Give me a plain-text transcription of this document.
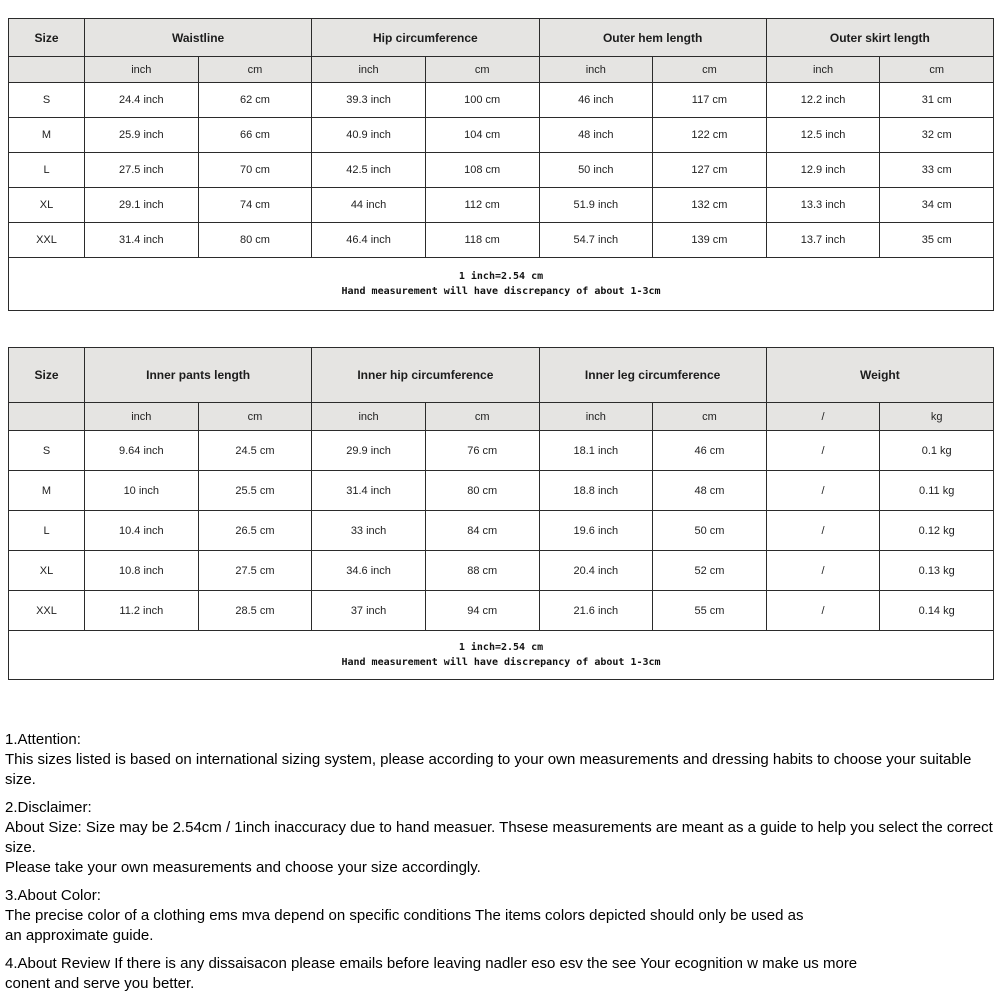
Size	Waistline		Hip circumference		Outer hem length		Outer skirt length	
	inch	cm	inch	cm	inch	cm	inch	cm
S	24.4 inch	62 cm	39.3 inch	100 cm	46 inch	117 cm	12.2 inch	31 cm
M	25.9 inch	66 cm	40.9 inch	104 cm	48 inch	122 cm	12.5 inch	32 cm
L	27.5 inch	70 cm	42.5 inch	108 cm	50 inch	127 cm	12.9 inch	33 cm
XL	29.1 inch	74 cm	44 inch	112 cm	51.9 inch	132 cm	13.3 inch	34 cm
XXL	31.4 inch	80 cm	46.4 inch	118 cm	54.7 inch	139 cm	13.7 inch	35 cm

1 inch=2.54 cm
Hand measurement will have discrepancy of about 1-3cm								
Size	Inner pants length		Inner hip circumference		Inner leg circumference		Weight	
	inch	cm	inch	cm	inch	cm	/	kg
S	9.64 inch	24.5 cm	29.9 inch	76 cm	18.1 inch	46 cm	/	0.1 kg
M	10 inch	25.5 cm	31.4 inch	80 cm	18.8 inch	48 cm	/	0.11 kg
L	10.4 inch	26.5 cm	33 inch	84 cm	19.6 inch	50 cm	/	0.12 kg
XL	10.8 inch	27.5 cm	34.6 inch	88 cm	20.4 inch	52 cm	/	0.13 kg
XXL	11.2 inch	28.5 cm	37 inch	94 cm	21.6 inch	55 cm	/	0.14 kg

1 inch=2.54 cm
Hand measurement will have discrepancy of about 1-3cm								
1.Attention:
This sizes listed is based on international sizing system, please according to your own measurements and dressing habits to choose your suitable size.
2.Disclaimer:
About Size: Size may be 2.54cm / 1inch inaccuracy due to hand measuer. Thsese measurements are meant as a guide to help you select the correct size.
Please take your own measurements and choose your size accordingly.
3.About Color:
The precise color of a clothing ems mva depend on specific conditions The items colors depicted should only be used as
an approximate guide.
4.About Review If there is any dissaisacon please emails before leaving nadler eso esv the see Your ecognition w make us more
conent and serve you better.
